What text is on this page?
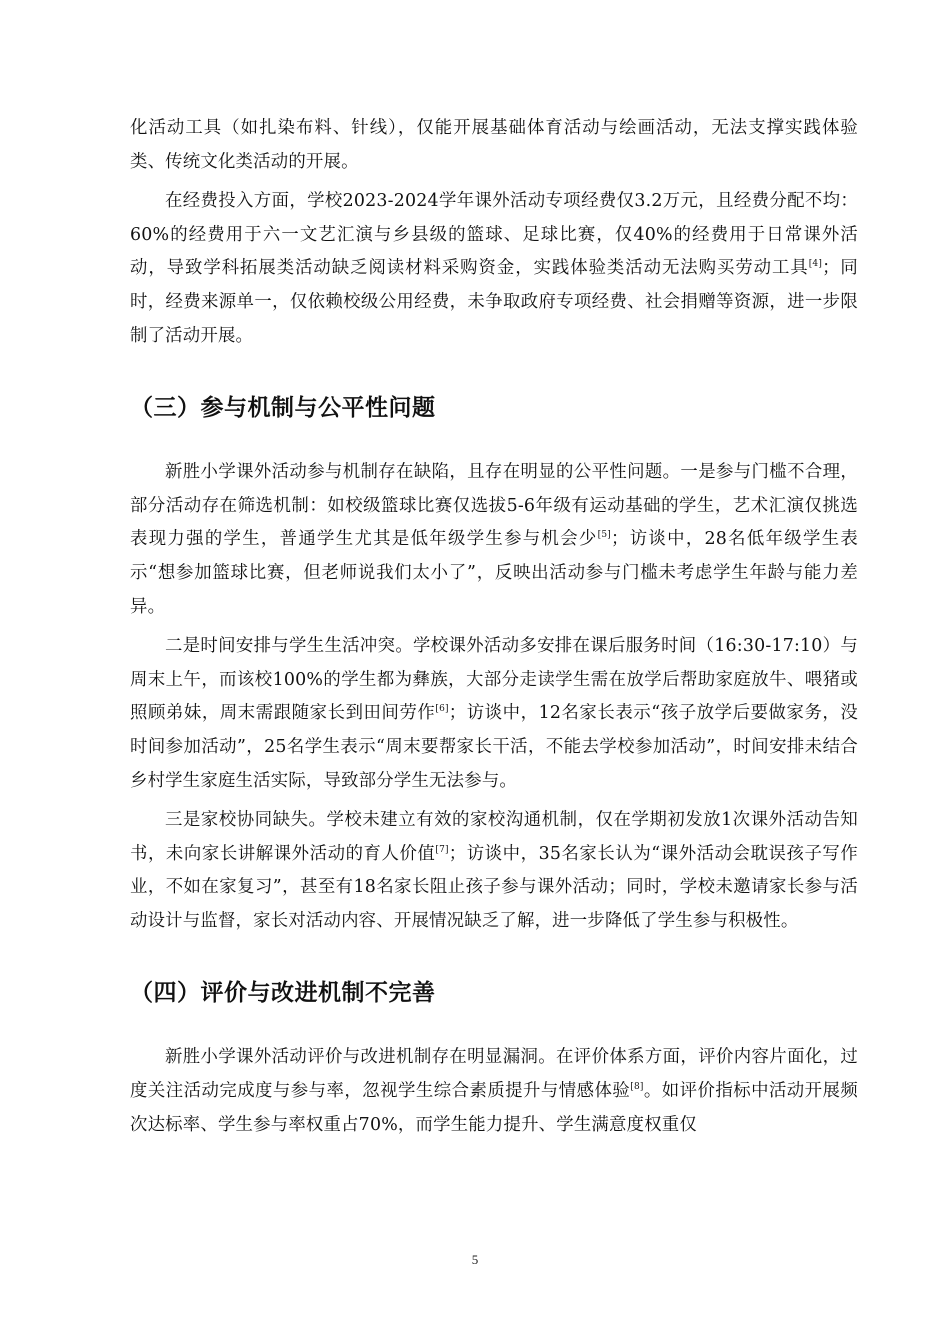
化活动工具（如扎染布料、针线），仅能开展基础体育活动与绘画活动，无法支撑实践体验类、传统文化类活动的开展。

在经费投入方面，学校2023-2024学年课外活动专项经费仅3.2万元，且经费分配不均：60%的经费用于六一文艺汇演与乡县级的篮球、足球比赛，仅40%的经费用于日常课外活动，导致学科拓展类活动缺乏阅读材料采购资金，实践体验类活动无法购买劳动工具[4]；同时，经费来源单一，仅依赖校级公用经费，未争取政府专项经费、社会捐赠等资源，进一步限制了活动开展。

（三）参与机制与公平性问题

新胜小学课外活动参与机制存在缺陷，且存在明显的公平性问题。一是参与门槛不合理，部分活动存在筛选机制：如校级篮球比赛仅选拔5-6年级有运动基础的学生，艺术汇演仅挑选表现力强的学生，普通学生尤其是低年级学生参与机会少[5]；访谈中，28名低年级学生表示“想参加篮球比赛，但老师说我们太小了”，反映出活动参与门槛未考虑学生年龄与能力差异。

二是时间安排与学生生活冲突。学校课外活动多安排在课后服务时间（16:30-17:10）与周末上午，而该校100%的学生都为彝族，大部分走读学生需在放学后帮助家庭放牛、喂猪或照顾弟妹，周末需跟随家长到田间劳作[6]；访谈中，12名家长表示“孩子放学后要做家务，没时间参加活动”，25名学生表示“周末要帮家长干活，不能去学校参加活动”，时间安排未结合乡村学生家庭生活实际，导致部分学生无法参与。

三是家校协同缺失。学校未建立有效的家校沟通机制，仅在学期初发放1次课外活动告知书，未向家长讲解课外活动的育人价值[7]；访谈中，35名家长认为“课外活动会耽误孩子写作业，不如在家复习”，甚至有18名家长阻止孩子参与课外活动；同时，学校未邀请家长参与活动设计与监督，家长对活动内容、开展情况缺乏了解，进一步降低了学生参与积极性。

（四）评价与改进机制不完善

新胜小学课外活动评价与改进机制存在明显漏洞。在评价体系方面，评价内容片面化，过度关注活动完成度与参与率，忽视学生综合素质提升与情感体验[8]。如评价指标中活动开展频次达标率、学生参与率权重占70%，而学生能力提升、学生满意度权重仅

5
